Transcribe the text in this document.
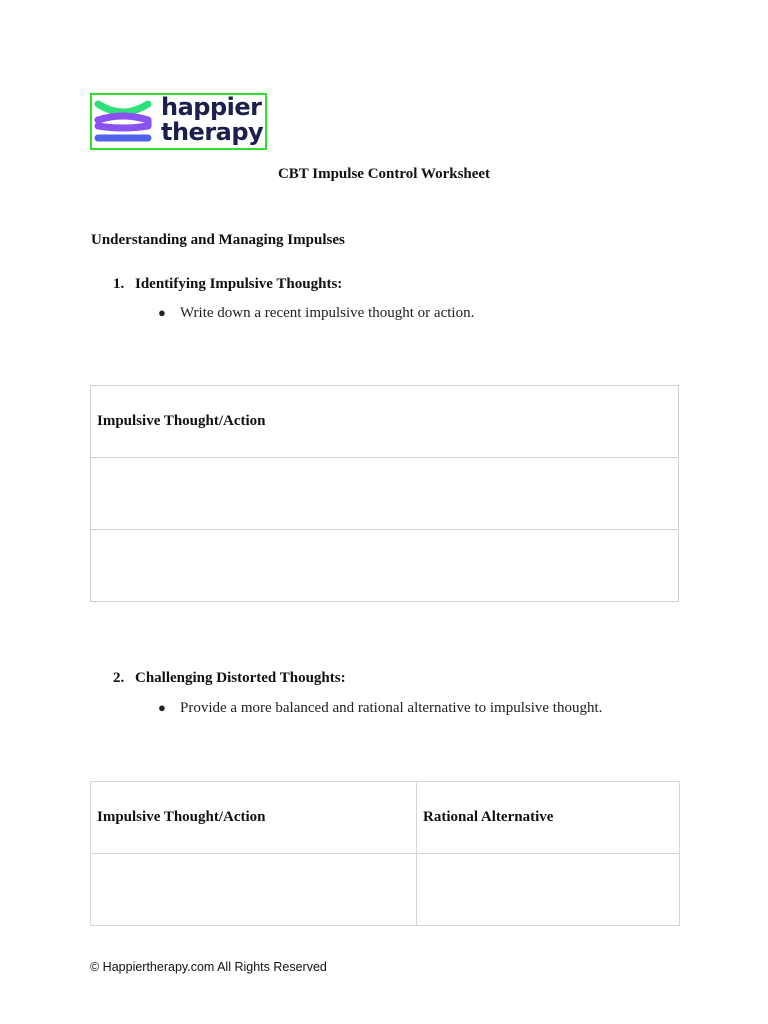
happier
therapy
CBT Impulse Control Worksheet
Understanding and Managing Impulses
1. Identifying Impulsive Thoughts:
● Write down a recent impulsive thought or action.
Impulsive Thought/Action

2. Challenging Distorted Thoughts:
● Provide a more balanced and rational alternative to impulsive thought.
Impulsive Thought/Action	Rational Alternative

© Happiertherapy.com All Rights Reserved
